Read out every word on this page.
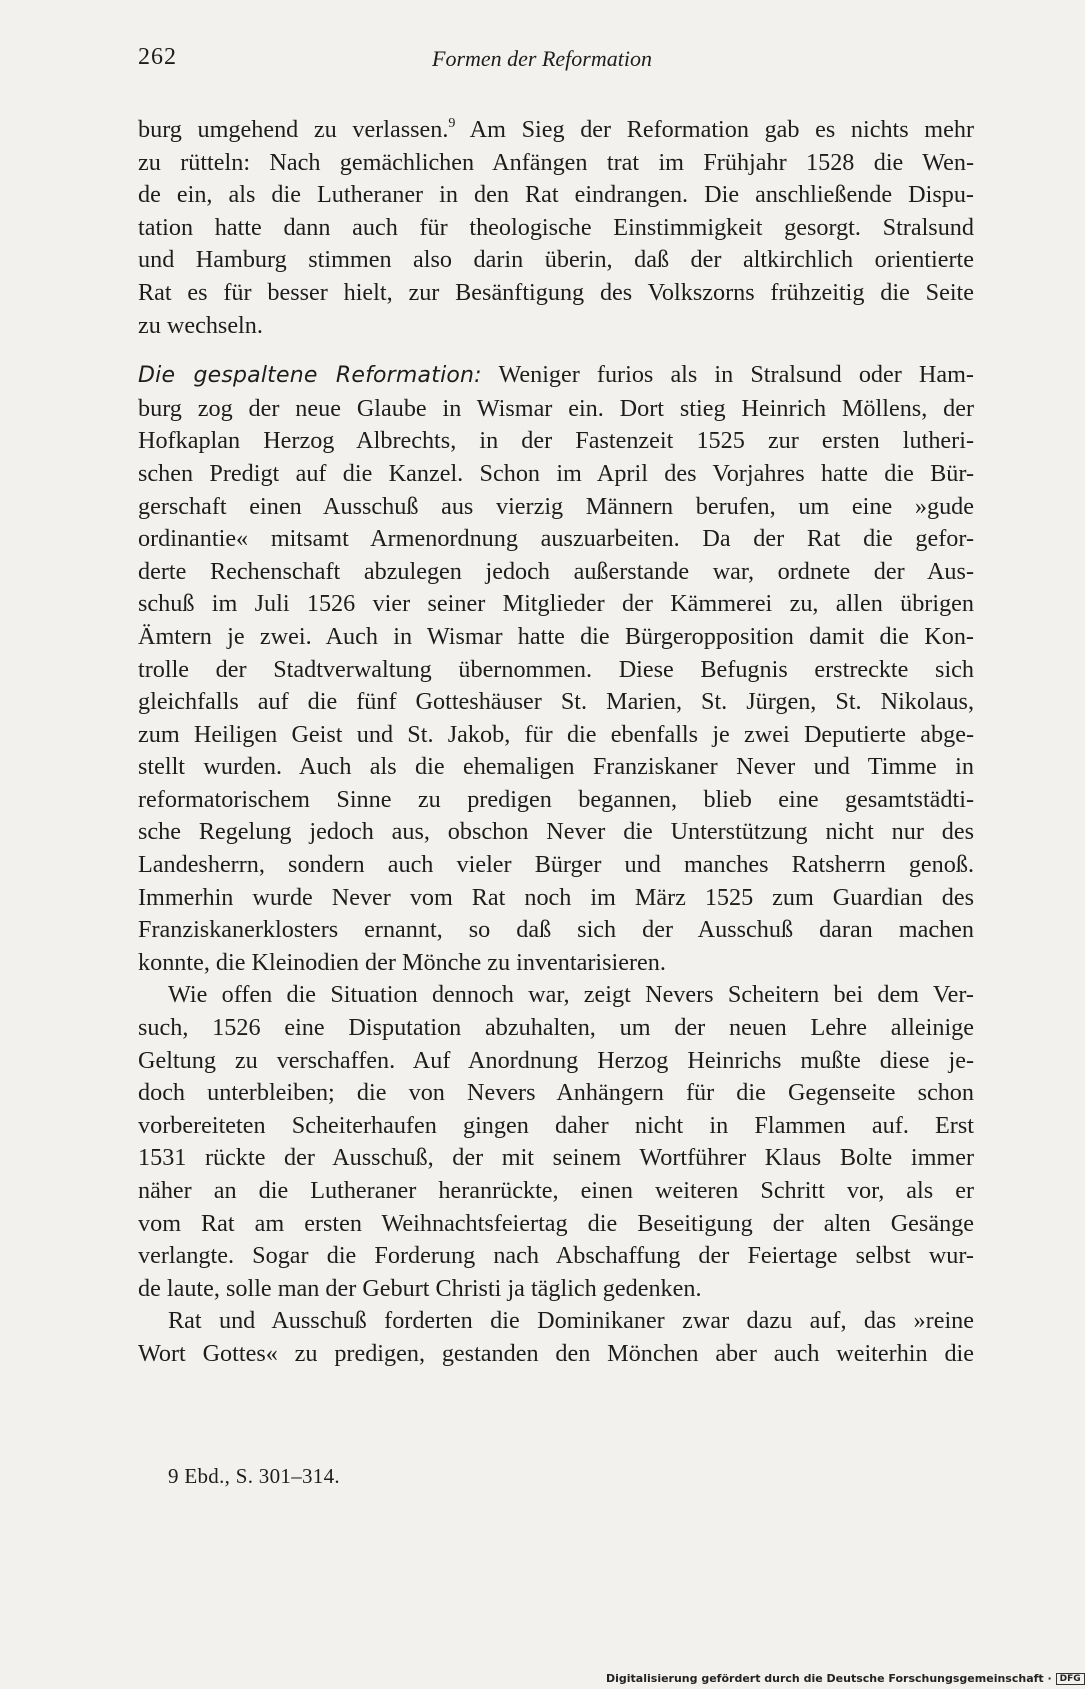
262	Formen der Reformation
burg umgehend zu verlassen.$^9$ Am Sieg der Reformation gab es nichts mehr
zu rütteln: Nach gemächlichen Anfängen trat im Frühjahr 1528 die Wen-
de ein, als die Lutheraner in den Rat eindrangen. Die anschließende Dispu-
tation hatte dann auch für theologische Einstimmigkeit gesorgt. Stralsund
und Hamburg stimmen also darin überin, daß der altkirchlich orientierte
Rat es für besser hielt, zur Besänftigung des Volkszorns frühzeitig die Seite
zu wechseln.
Die gespaltene Reformation: Weniger furios als in Stralsund oder Ham-
burg zog der neue Glaube in Wismar ein. Dort stieg Heinrich Möllens, der
Hofkaplan Herzog Albrechts, in der Fastenzeit 1525 zur ersten lutheri-
schen Predigt auf die Kanzel. Schon im April des Vorjahres hatte die Bür-
gerschaft einen Ausschuß aus vierzig Männern berufen, um eine »gude
ordinantie« mitsamt Armenordnung auszuarbeiten. Da der Rat die gefor-
derte Rechenschaft abzulegen jedoch außerstande war, ordnete der Aus-
schuß im Juli 1526 vier seiner Mitglieder der Kämmerei zu, allen übrigen
Ämtern je zwei. Auch in Wismar hatte die Bürgeropposition damit die Kon-
trolle der Stadtverwaltung übernommen. Diese Befugnis erstreckte sich
gleichfalls auf die fünf Gotteshäuser St. Marien, St. Jürgen, St. Nikolaus,
zum Heiligen Geist und St. Jakob, für die ebenfalls je zwei Deputierte abge-
stellt wurden. Auch als die ehemaligen Franziskaner Never und Timme in
reformatorischem Sinne zu predigen begannen, blieb eine gesamtstädti-
sche Regelung jedoch aus, obschon Never die Unterstützung nicht nur des
Landesherrn, sondern auch vieler Bürger und manches Ratsherrn genoß.
Immerhin wurde Never vom Rat noch im März 1525 zum Guardian des
Franziskanerklosters ernannt, so daß sich der Ausschuß daran machen
konnte, die Kleinodien der Mönche zu inventarisieren.
Wie offen die Situation dennoch war, zeigt Nevers Scheitern bei dem Ver-
such, 1526 eine Disputation abzuhalten, um der neuen Lehre alleinige
Geltung zu verschaffen. Auf Anordnung Herzog Heinrichs mußte diese je-
doch unterbleiben; die von Nevers Anhängern für die Gegenseite schon
vorbereiteten Scheiterhaufen gingen daher nicht in Flammen auf. Erst
1531 rückte der Ausschuß, der mit seinem Wortführer Klaus Bolte immer
näher an die Lutheraner heranrückte, einen weiteren Schritt vor, als er
vom Rat am ersten Weihnachtsfeiertag die Beseitigung der alten Gesänge
verlangte. Sogar die Forderung nach Abschaffung der Feiertage selbst wur-
de laute, solle man der Geburt Christi ja täglich gedenken.
Rat und Ausschuß forderten die Dominikaner zwar dazu auf, das »reine
Wort Gottes« zu predigen, gestanden den Mönchen aber auch weiterhin die
9 Ebd., S. 301–314.
Digitalisierung gefördert durch die Deutsche Forschungsgemeinschaft · DFG
